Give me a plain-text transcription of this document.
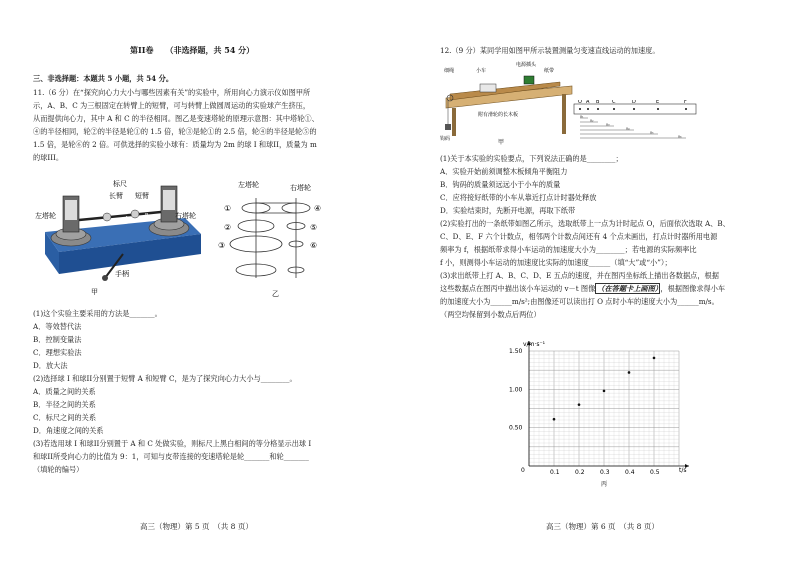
第II卷　　（非选择题，共 54 分）
三、非选择题：本题共 5 小题，共 54 分。
11.（6 分）在“探究向心力大小与哪些因素有关”的实验中，所用向心力演示仪如图甲所
示，A、B、C 为三根固定在转臂上的短臂，可与转臂上做圆周运动的实验球产生挤压，
从而提供向心力，其中 A 和 C 的半径相同。图乙是变速塔轮的原理示意图：其中塔轮①、
④的半径相同，轮②的半径是轮①的 1.5 倍，轮③是轮①的 2.5 倍，轮④的半径是轮⑤的
1.5 倍，是轮⑥的 2 倍。可供选择的实验小球有：质量均为 2m 的球 I 和球II，质量为 m
的球III。
标尺
长臂 短臂
左塔轮	右塔轮
手柄
C
A	B
甲
左塔轮	右塔轮
①
②
③
④
⑤
⑥
乙
(1)这个实验主要采用的方法是_______。
A．等效替代法
B．控制变量法
C．理想实验法
D．放大法
(2)选择球 I 和球II分别置于短臂 A 和短臂 C，是为了探究向心力大小与________。
A．质量之间的关系
B．半径之间的关系
C．标尺之间的关系
D．角速度之间的关系
(3)若选用球 I 和球II分别置于 A 和 C 处做实验，则标尺上黑白相间的等分格显示出球 I
和球II所受向心力的比值为 9：1，可知与皮带连接的变速塔轮是轮_______和轮_______
（填轮的编号）
高三（物理）第 5 页　（共 8 页）
12.（9 分）某同学用如图甲所示装置测量匀变速直线运动的加速度。
细绳	小车
电源插头
纸带
附有滑轮的长木板
钩码	甲
O A B	C	D	E	F
x₁
x₂
x₃
x₄
x₅
x₆
(1)关于本实验的实验要点，下列说法正确的是________；
A．实验开始前须调整木板倾角平衡阻力
B．钩码的质量须远远小于小车的质量
C．应将接好纸带的小车从靠近打点计时器处释放
D．实验结束时，先断开电源，再取下纸带
(2)实验打出的一条纸带如图乙所示，选取纸带上一点为计时起点 O，后面依次选取 A、B、
C、D、E、F 六个计数点，相邻两个计数点间还有 4 个点未画出，打点计时器所用电源
频率为 f，根据纸带求得小车运动的加速度大小为________；若电源的实际频率比
f 小，则测得小车运动的加速度比实际的加速度______（填“大”或“小”）；
(3)求出纸带上打 A、B、C、D、E 五点的速度，并在图丙坐标纸上描出各数据点，根据
这些数据点在图丙中描出该小车运动的 v－t 图像 （在答题卡上画图） ，根据图像求得小车
的加速度大小为______m/s²;由图像还可以读出打 O 点时小车的速度大小为______m/s。
（两空均保留到小数点后两位）
0.1	0.2	0.3	0.4	0.5
0.50
1.00
1.50
v/m·s⁻¹
t/s
0
丙
高三（物理）第 6 页　（共 8 页）
